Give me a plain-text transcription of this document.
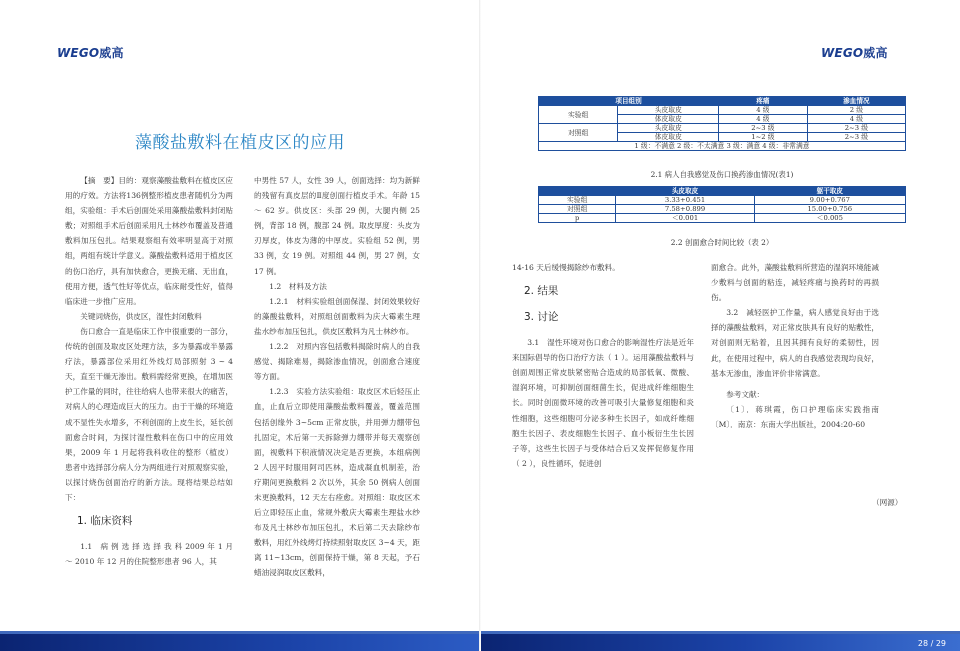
WEGO威高
藻酸盐敷料在植皮区的应用

【摘　要】目的：观察藻酸盐敷料在植皮区应用的疗效。方法将136例整形植皮患者随机分为两组，实验组：手术后创面处采用藻酸盐敷料封闭贴敷；对照组手术后创面采用凡士林纱布覆盖及普通敷料加压包扎。结果观察组有效率明显高于对照组，两组有统计学意义。藻酸盐敷料适用于植皮区的伤口治疗，具有加快愈合，更换无痛、无出血，使用方便，透气性好等优点，临床耐受性好，值得临床进一步推广应用。

关键词烧伤，供皮区，湿性封闭敷料

伤口愈合一直是临床工作中很重要的一部分，传统的创面及取皮区处理方法，多为暴露或半暴露疗法，暴露部位采用红外线灯局部照射 3 ~ 4 天，直至干燥无渗出。敷料需经常更换，在增加医护工作量的同时，往往给病人也带来很大的痛苦，对病人的心理造成巨大的压力。由于干燥的环境造成不显性失水增多，不利创面的上皮生长，延长创面愈合时间，为探讨湿性敷料在伤口中的应用效果，2009 年 1 月起将我科收住的整形（植皮）患者中选择部分病人分为两组进行对照观察实验，以探讨烧伤创面治疗的新方法。现将结果总结如下：

1. 临床资料

1.1　病 例 选 择 选 择 我 科 2009 年 1 月～ 2010 年 12 月的住院整形患者 96 人，其

中男性 57 人，女性 39 人，创面选择：均为新鲜的残留有真皮层的Ⅱ度创面行植皮手术。年龄 15 ～ 62 岁。供皮区：头部 29 例，大腿内侧 25 例，背部 18 例，腹部 24 例。取皮厚度：头皮为刃厚皮，体皮为薄的中厚皮。实验组 52 例，男 33 例，女 19 例。对照组 44 例，男 27 例，女 17 例。

1.2　材料及方法

1.2.1　材料实验组创面保湿、封闭效果较好的藻酸盐敷料，对照组创面敷料为庆大霉素生理盐水纱布加压包扎，供皮区敷料为凡士林纱布。

1.2.2　对照内容包括敷料揭除时病人的自我感觉、揭除难易，揭除渗血情况，创面愈合速度等方面。

1.2.3　实验方法实验组：取皮区术后轻压止血，止血后立即使用藻酸盐敷料覆盖，覆盖范围包括创缘外 3~5cm 正常皮肤，并用弹力绷带包扎固定，术后第一天拆除弹力绷带并每天观察创面，视敷料下积液情况决定是否更换，本组病例 2 人因平时服用阿司匹林，造成凝血机制差，治疗期间更换敷料 2 次以外，其余 50 例病人创面未更换敷料，12 天左右痊愈。对照组：取皮区术后立即轻压止血，常规外敷庆大霉素生理盐水纱布及凡士林纱布加压包扎，术后第二天去除纱布敷料，用红外线烤灯持续照射取皮区 3~4 天，距离 11~13cm，创面保持干燥，第 8 天起，予石蜡油浸润取皮区敷料，

WEGO威高
项目组别		疼痛	渗血情况
实验组	头皮取皮	4 级	2 级
	体皮取皮	4 级	4 级
对照组	头皮取皮	2~3 级	2~3 级
	体皮取皮	1~2 级	2~3 级
1 级：不满意 2 级：不太满意 3 级：满意 4 级：非常满意			
2.1 病人自我感觉及伤口换药渗血情况(表1)
	头皮取皮	躯干取皮
实验组	3.33+0.451	9.00+0.767
对照组	7.58+0.899	15.00+0.756
p	＜0.001	＜0.005
2.2 创面愈合时间比较（表 2）

14-16 天后缓慢揭除纱布敷料。

2. 结果
3. 讨论

3.1　湿性环境对伤口愈合的影响湿性疗法是近年来国际倡导的伤口治疗方法（ 1 ）。运用藻酸盐敷料与创面周围正常皮肤紧密贴合造成的局部低氧、微酸、湿润环境，可抑制创面细菌生长，促进成纤维细胞生长。同时创面微环境的改善可吸引大量修复细胞和炎性细胞，这些细胞可分泌多种生长因子，如成纤维细胞生长因子、表皮细胞生长因子、血小板衍生生长因子等，这些生长因子与受体结合后又发挥促修复作用（ 2 ），良性循环，促进创

面愈合。此外，藻酸盐敷料所营造的湿润环境能减少敷料与创面的粘连，减轻疼痛与换药时的再损伤。

3.2　减轻医护工作量，病人感觉良好由于选择的藻酸盐敷料，对正常皮肤具有良好的贴敷性，对创面则无粘着，且因其拥有良好的柔韧性，因此，在使用过程中，病人的自我感觉表现均良好，基本无渗血，渗血评价非常满意。

参考文献：

〔1〕．蒋琪霞，伤口护理临床实践指南〔M〕．南京：东南大学出版社，2004:20-60

（网源）
28 / 29
